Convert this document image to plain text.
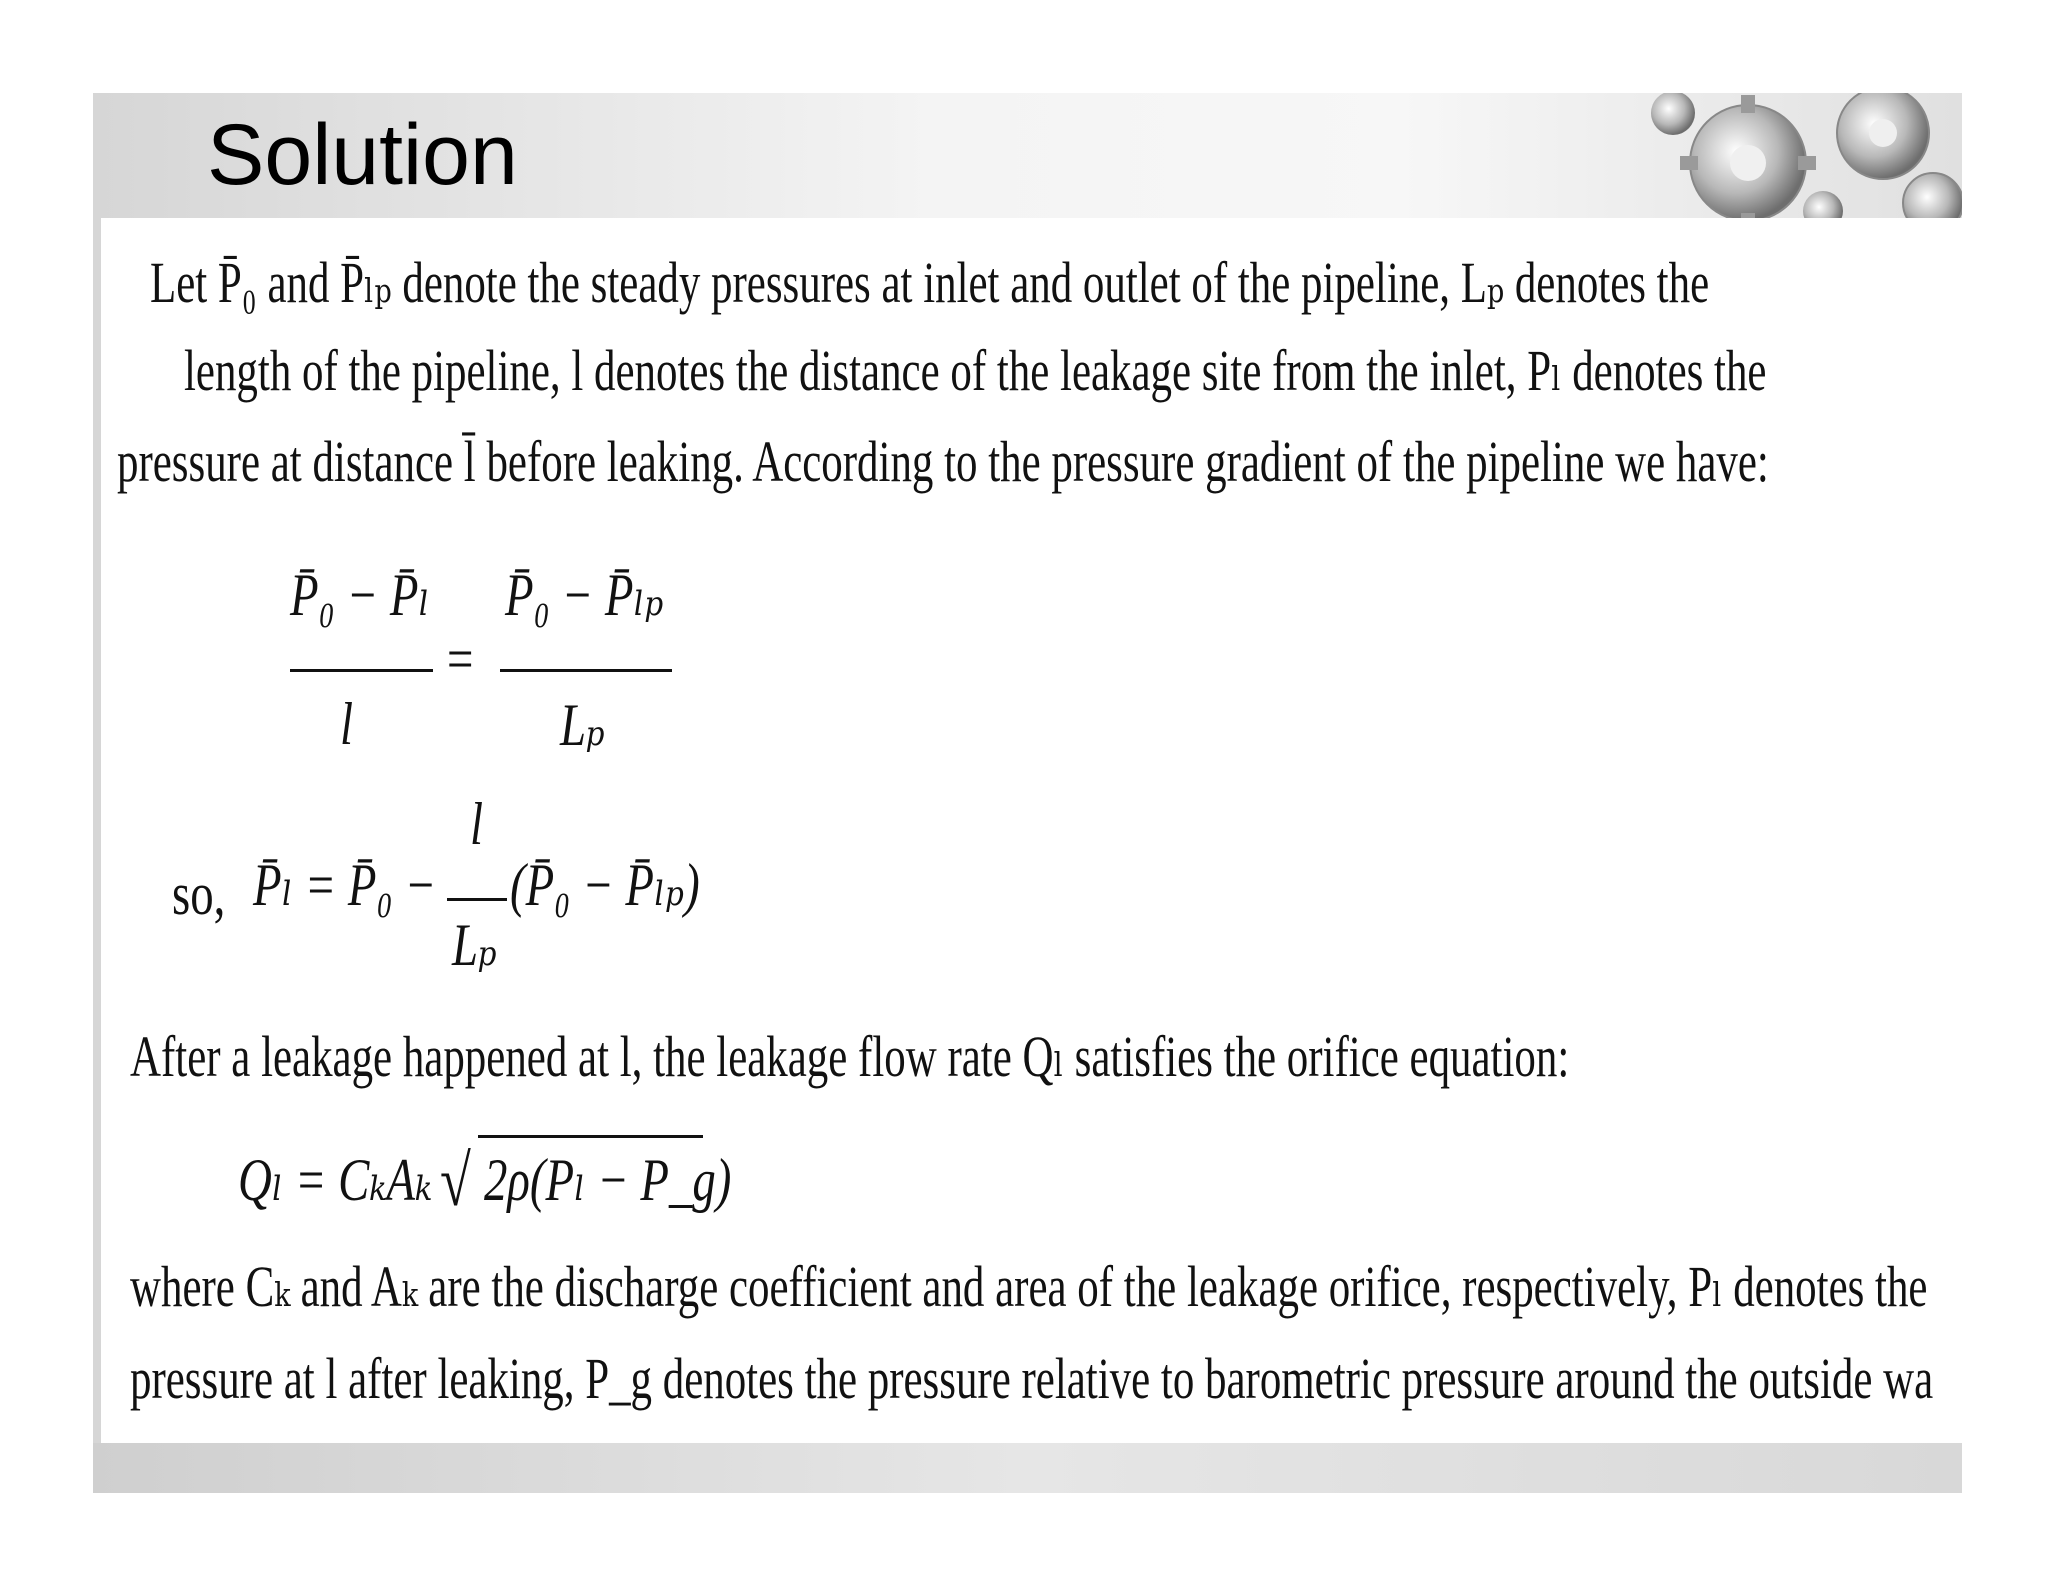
Solution
Let P̄₀ and P̄ₗₚ denote the steady pressures at inlet and outlet of the pipeline, Lₚ denotes the
length of the pipeline, l denotes the distance of the leakage site from the inlet, Pₗ denotes the
pressure at distance l̄ before leaking. According to the pressure gradient of the pipeline we have:
P̄₀ − P̄ₗ
l
=
P̄₀ − P̄ₗₚ
Lₚ
so, P̄ₗ = P̄₀ −
l
Lₚ
(P̄₀ − P̄ₗₚ)
After a leakage happened at l, the leakage flow rate Qₗ satisfies the orifice equation:
Qₗ = CₖAₖ √ 2ρ(Pₗ − P_g)
where Cₖ and Aₖ are the discharge coefficient and area of the leakage orifice, respectively, Pₗ denotes the
pressure at l after leaking, P_g denotes the pressure relative to barometric pressure around the outside wa
